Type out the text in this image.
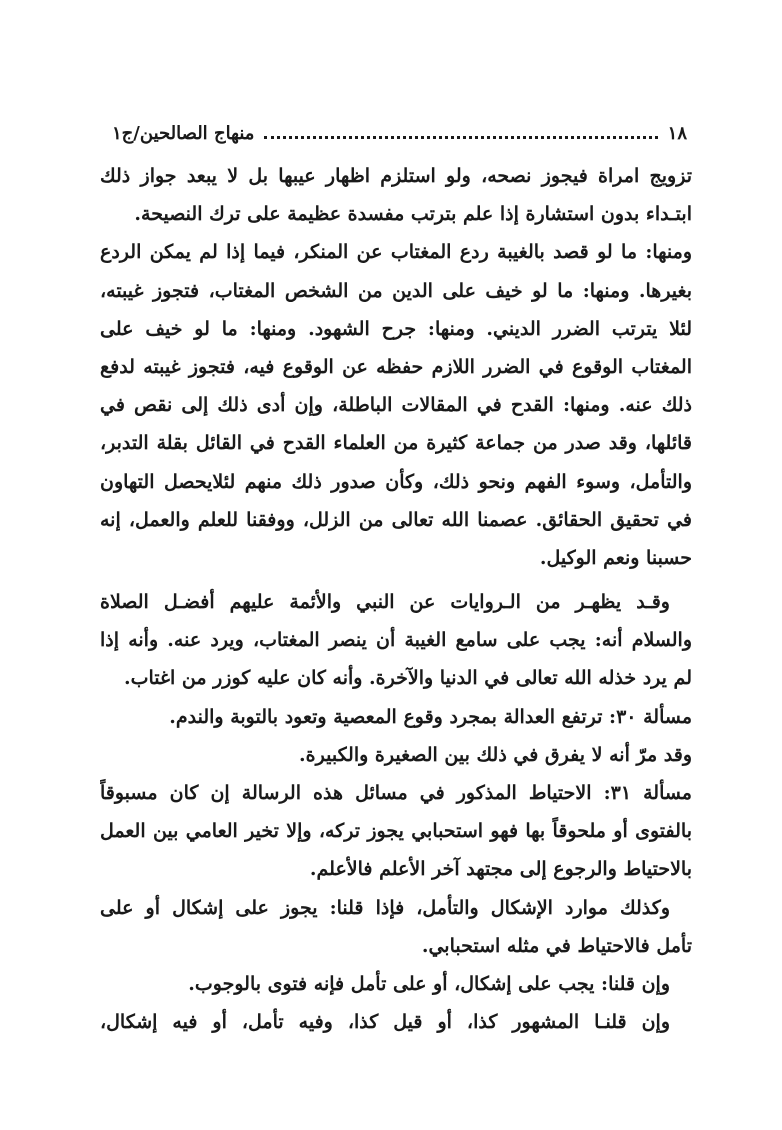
١٨
منهاج الصالحين/ج١
تزويج امراة فيجوز نصحه، ولو استلزم اظهار عيبها بل لا يبعد جواز ذلك
ابتـداء بدون استشارة إذا علم بترتب مفسدة عظيمة على ترك النصيحة.
ومنها: ما لو قصد بالغيبة ردع المغتاب عن المنكر، فيما إذا لم يمكن الردع
بغيرها. ومنها: ما لو خيف على الدين من الشخص المغتاب، فتجوز غيبته،
لئلا يترتب الضرر الديني. ومنها: جرح الشهود. ومنها: ما لو خيف على
المغتاب الوقوع في الضرر اللازم حفظه عن الوقوع فيه، فتجوز غيبته لدفع
ذلك عنه. ومنها: القدح في المقالات الباطلة، وإن أدى ذلك إلى نقص في
قائلها، وقد صدر من جماعة كثيرة من العلماء القدح في القائل بقلة التدبر،
والتأمل، وسوء الفهم ونحو ذلك، وكأن صدور ذلك منهم لئلايحصل التهاون
في تحقيق الحقائق. عصمنا الله تعالى من الزلل، ووفقنا للعلم والعمل، إنه
حسبنا ونعم الوكيل.
وقـد يظهـر من الـروايات عن النبي والأئمة عليهم أفضـل الصلاة
والسلام أنه: يجب على سامع الغيبة أن ينصر المغتاب، ويرد عنه. وأنه إذا
لم يرد خذله الله تعالى في الدنيا والآخرة. وأنه كان عليه كوزر من اغتاب.
مسألة ٣٠: ترتفع العدالة بمجرد وقوع المعصية وتعود بالتوبة والندم.
وقد مرّ أنه لا يفرق في ذلك بين الصغيرة والكبيرة.
مسألة ٣١: الاحتياط المذكور في مسائل هذه الرسالة إن كان مسبوقاً
بالفتوى أو ملحوقاً بها فهو استحبابي يجوز تركه، وإلا تخير العامي بين العمل
بالاحتياط والرجوع إلى مجتهد آخر الأعلم فالأعلم.
وكذلك موارد الإشكال والتأمل، فإذا قلنا: يجوز على إشكال أو على
تأمل فالاحتياط في مثله استحبابي.
وإن قلنا: يجب على إشكال، أو على تأمل فإنه فتوى بالوجوب.
وإن قلنـا المشهور كذا، أو قيل كذا، وفيه تأمل، أو فيه إشكال،
